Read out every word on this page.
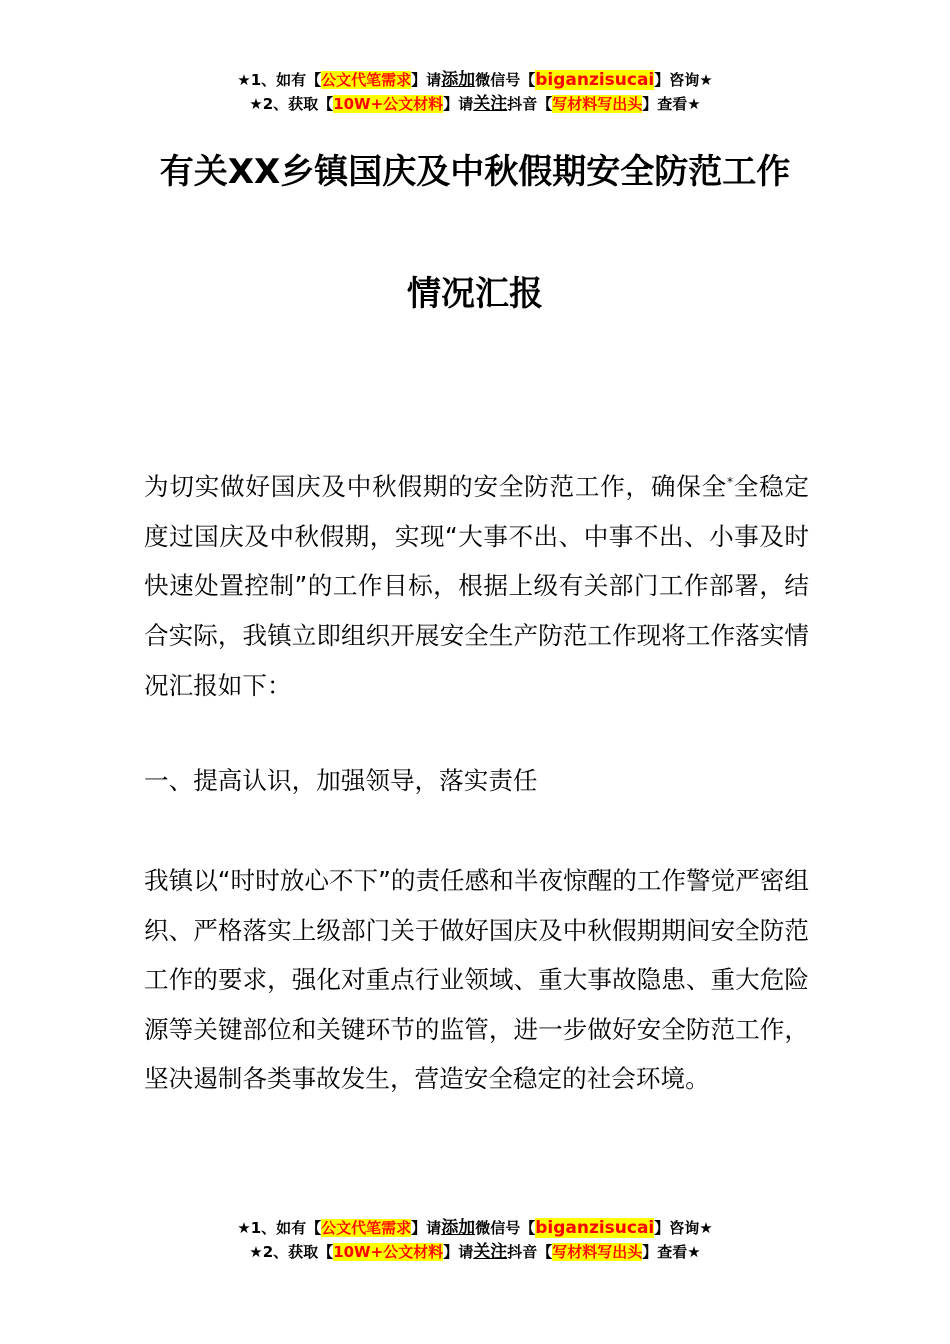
★1、如有【公文代笔需求】请添加微信号【biganzisucai】咨询★
★2、获取【10W+公文材料】请关注抖音【写材料写出头】查看★
有关XX乡镇国庆及中秋假期安全防范工作
情况汇报
为切实做好国庆及中秋假期的安全防范工作，确保全*全稳定度过国庆及中秋假期，实现“大事不出、中事不出、小事及时快速处置控制”的工作目标，根据上级有关部门工作部署，结合实际，我镇立即组织开展安全生产防范工作现将工作落实情况汇报如下：
一、提高认识，加强领导，落实责任
我镇以“时时放心不下”的责任感和半夜惊醒的工作警觉严密组织、严格落实上级部门关于做好国庆及中秋假期期间安全防范工作的要求，强化对重点行业领域、重大事故隐患、重大危险源等关键部位和关键环节的监管，进一步做好安全防范工作，坚决遏制各类事故发生，营造安全稳定的社会环境。
★1、如有【公文代笔需求】请添加微信号【biganzisucai】咨询★
★2、获取【10W+公文材料】请关注抖音【写材料写出头】查看★
